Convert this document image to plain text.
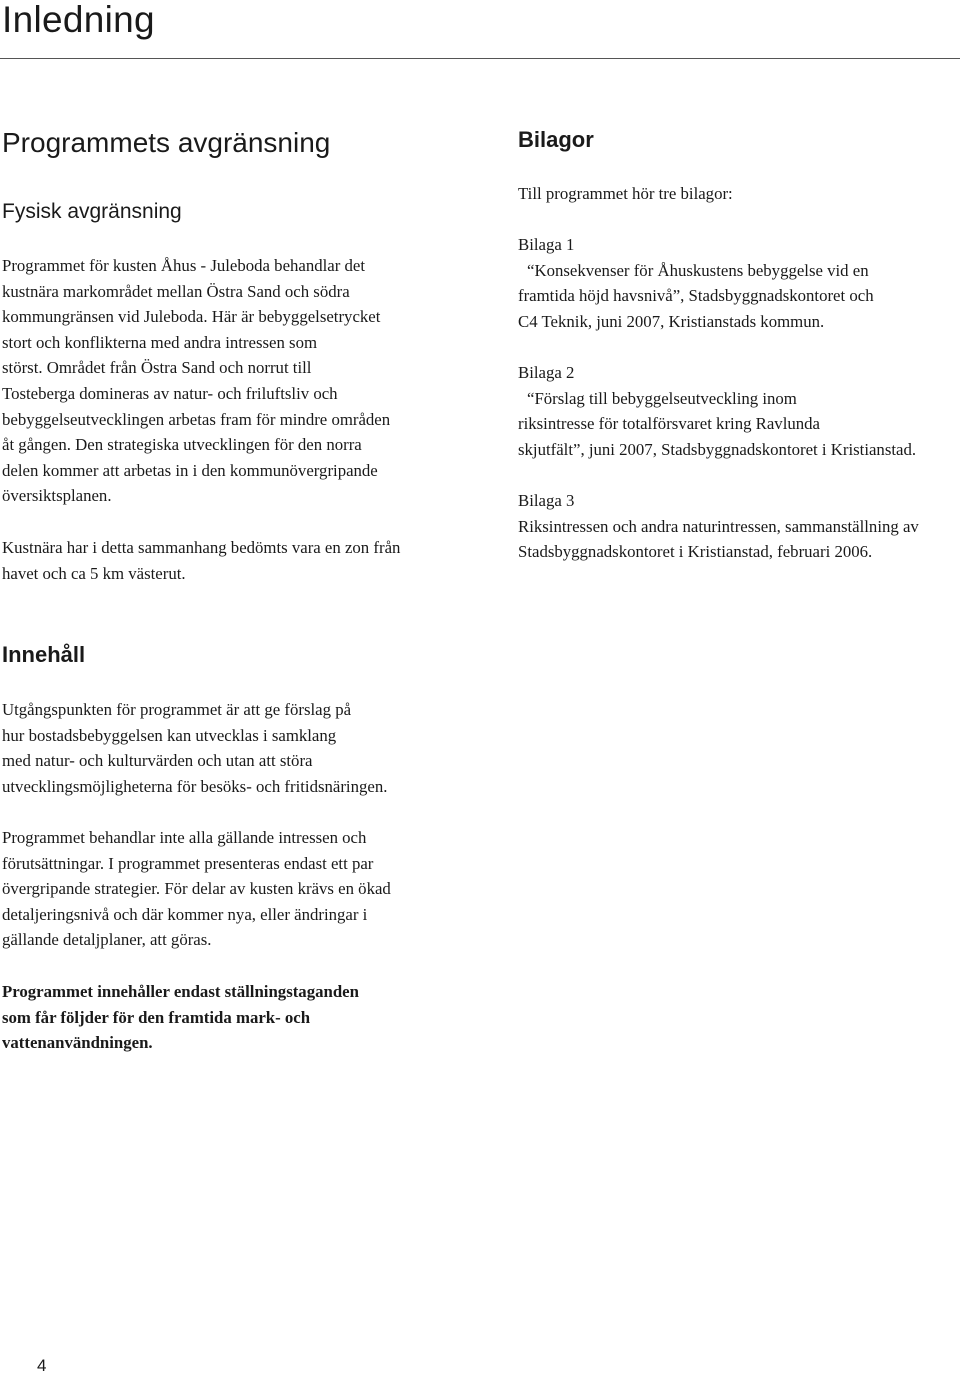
Inledning
Programmets avgränsning
Fysisk avgränsning
Programmet för kusten Åhus - Juleboda behandlar det
kustnära markområdet mellan Östra Sand och södra
kommungränsen vid Juleboda. Här är bebyggelsetrycket
stort och konflikterna med andra intressen som
störst. Området från Östra Sand och norrut till
Tosteberga domineras av natur- och friluftsliv och
bebyggelseutvecklingen arbetas fram för mindre områden
åt gången. Den strategiska utvecklingen för den norra
delen kommer att arbetas in i den kommunövergripande
översiktsplanen.
Kustnära har i detta sammanhang bedömts vara en zon från
havet och ca 5 km västerut.
Bilagor

Till programmet hör tre bilagor:

Bilaga 1

“Konsekvenser för Åhuskustens bebyggelse vid en

framtida höjd havsnivå”, Stadsbyggnadskontoret och

C4 Teknik, juni 2007, Kristianstads kommun.

Bilaga 2

“Förslag till bebyggelseutveckling inom

riksintresse för totalförsvaret kring Ravlunda

skjutfält”, juni 2007, Stadsbyggnadskontoret i Kristianstad.

Bilaga 3

Riksintressen och andra naturintressen, sammanställning av

Stadsbyggnadskontoret i Kristianstad, februari 2006.

Innehåll
Utgångspunkten för programmet är att ge förslag på
hur bostadsbebyggelsen kan utvecklas i samklang
med natur- och kulturvärden och utan att störa
utvecklingsmöjligheterna för besöks- och fritidsnäringen.
Programmet behandlar inte alla gällande intressen och
förutsättningar. I programmet presenteras endast ett par
övergripande strategier. För delar av kusten krävs en ökad
detaljeringsnivå och där kommer nya, eller ändringar i
gällande detaljplaner, att göras.
Programmet innehåller endast ställningstaganden
som får följder för den framtida mark- och
vattenanvändningen.
4
